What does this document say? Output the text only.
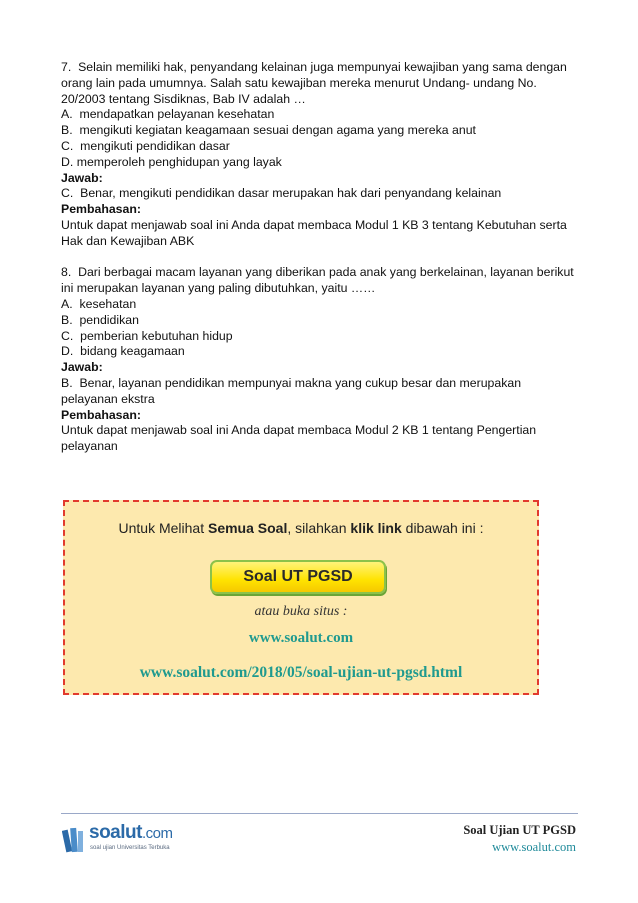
7.  Selain memiliki hak, penyandang kelainan juga mempunyai kewajiban yang sama dengan
orang lain pada umumnya. Salah satu kewajiban mereka menurut Undang- undang No.
20/2003 tentang Sisdiknas, Bab IV adalah …
A.  mendapatkan pelayanan kesehatan
B.  mengikuti kegiatan keagamaan sesuai dengan agama yang mereka anut
C.  mengikuti pendidikan dasar
D. memperoleh penghidupan yang layak
Jawab:
C.  Benar, mengikuti pendidikan dasar merupakan hak dari penyandang kelainan
Pembahasan:
Untuk dapat menjawab soal ini Anda dapat membaca Modul 1 KB 3 tentang Kebutuhan serta
Hak dan Kewajiban ABK
8.  Dari berbagai macam layanan yang diberikan pada anak yang berkelainan, layanan berikut
ini merupakan layanan yang paling dibutuhkan, yaitu ……
A.  kesehatan
B.  pendidikan
C.  pemberian kebutuhan hidup
D.  bidang keagamaan
Jawab:
B.  Benar, layanan pendidikan mempunyai makna yang cukup besar dan merupakan
pelayanan ekstra
Pembahasan:
Untuk dapat menjawab soal ini Anda dapat membaca Modul 2 KB 1 tentang Pengertian
pelayanan
Untuk Melihat Semua Soal, silahkan klik link dibawah ini :
Soal UT PGSD
atau buka situs :
www.soalut.com
www.soalut.com/2018/05/soal-ujian-ut-pgsd.html
soalut.com
soal ujian Universitas Terbuka
Soal Ujian UT PGSD
www.soalut.com
